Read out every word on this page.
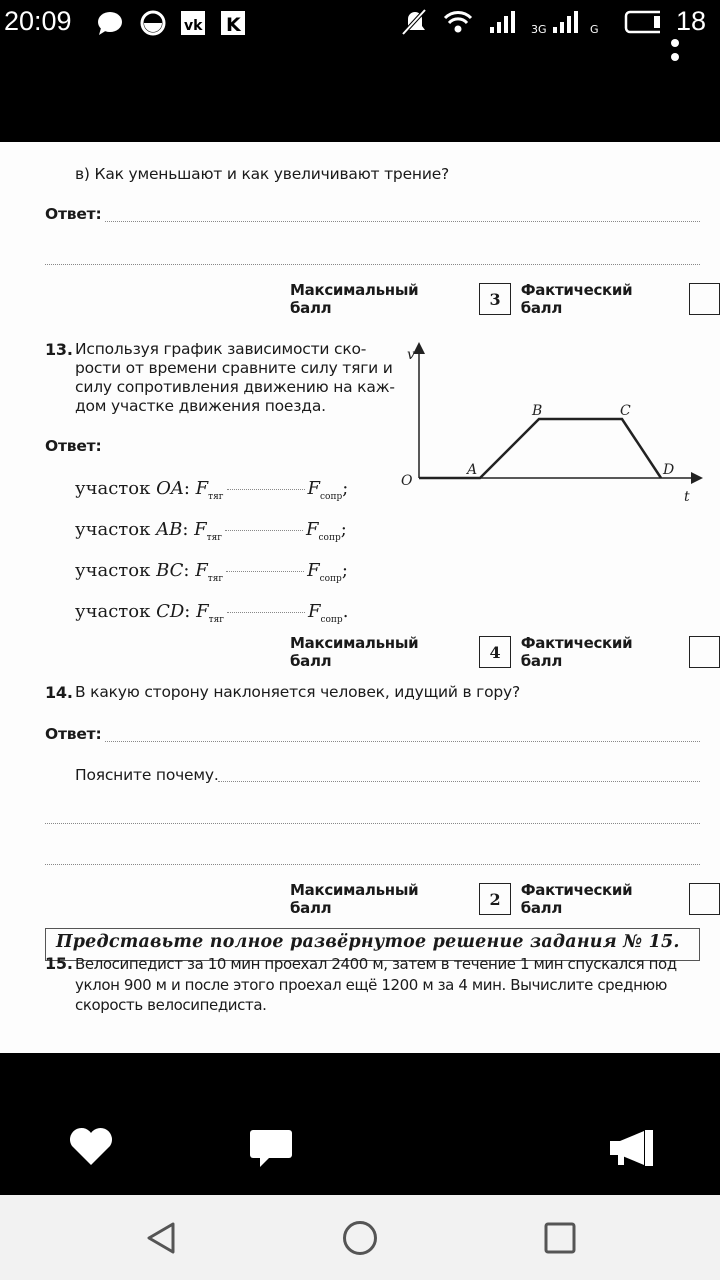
20:09	vk K	3G	G	18
в) Как уменьшают и как увеличивают трение?
Ответ:
Максимальный балл	3	Фактический балл
13. Используя график зависимости ско-
рости от времени сравните силу тяги и
силу сопротивления движению на каж-
дом участке движения поезда.
Ответ:
v
O
A
B	C
D
t
участок OA: $F_{тяг}$	$F_{сопр}$;
участок AB: $F_{тяг}$	$F_{сопр}$;
участок BC: $F_{тяг}$	$F_{сопр}$;
участок CD: $F_{тяг}$	$F_{сопр}$.
Максимальный балл	4	Фактический балл
14. В какую сторону наклоняется человек, идущий в гору?
Ответ:
Поясните почему.
Максимальный балл	2	Фактический балл
Представьте полное развёрнутое решение задания № 15.
15. Велосипедист за 10 мин проехал 2400 м, затем в течение 1 мин спускался под
уклон 900 м и после этого проехал ещё 1200 м за 4 мин. Вычислите среднюю
скорость велосипедиста.
